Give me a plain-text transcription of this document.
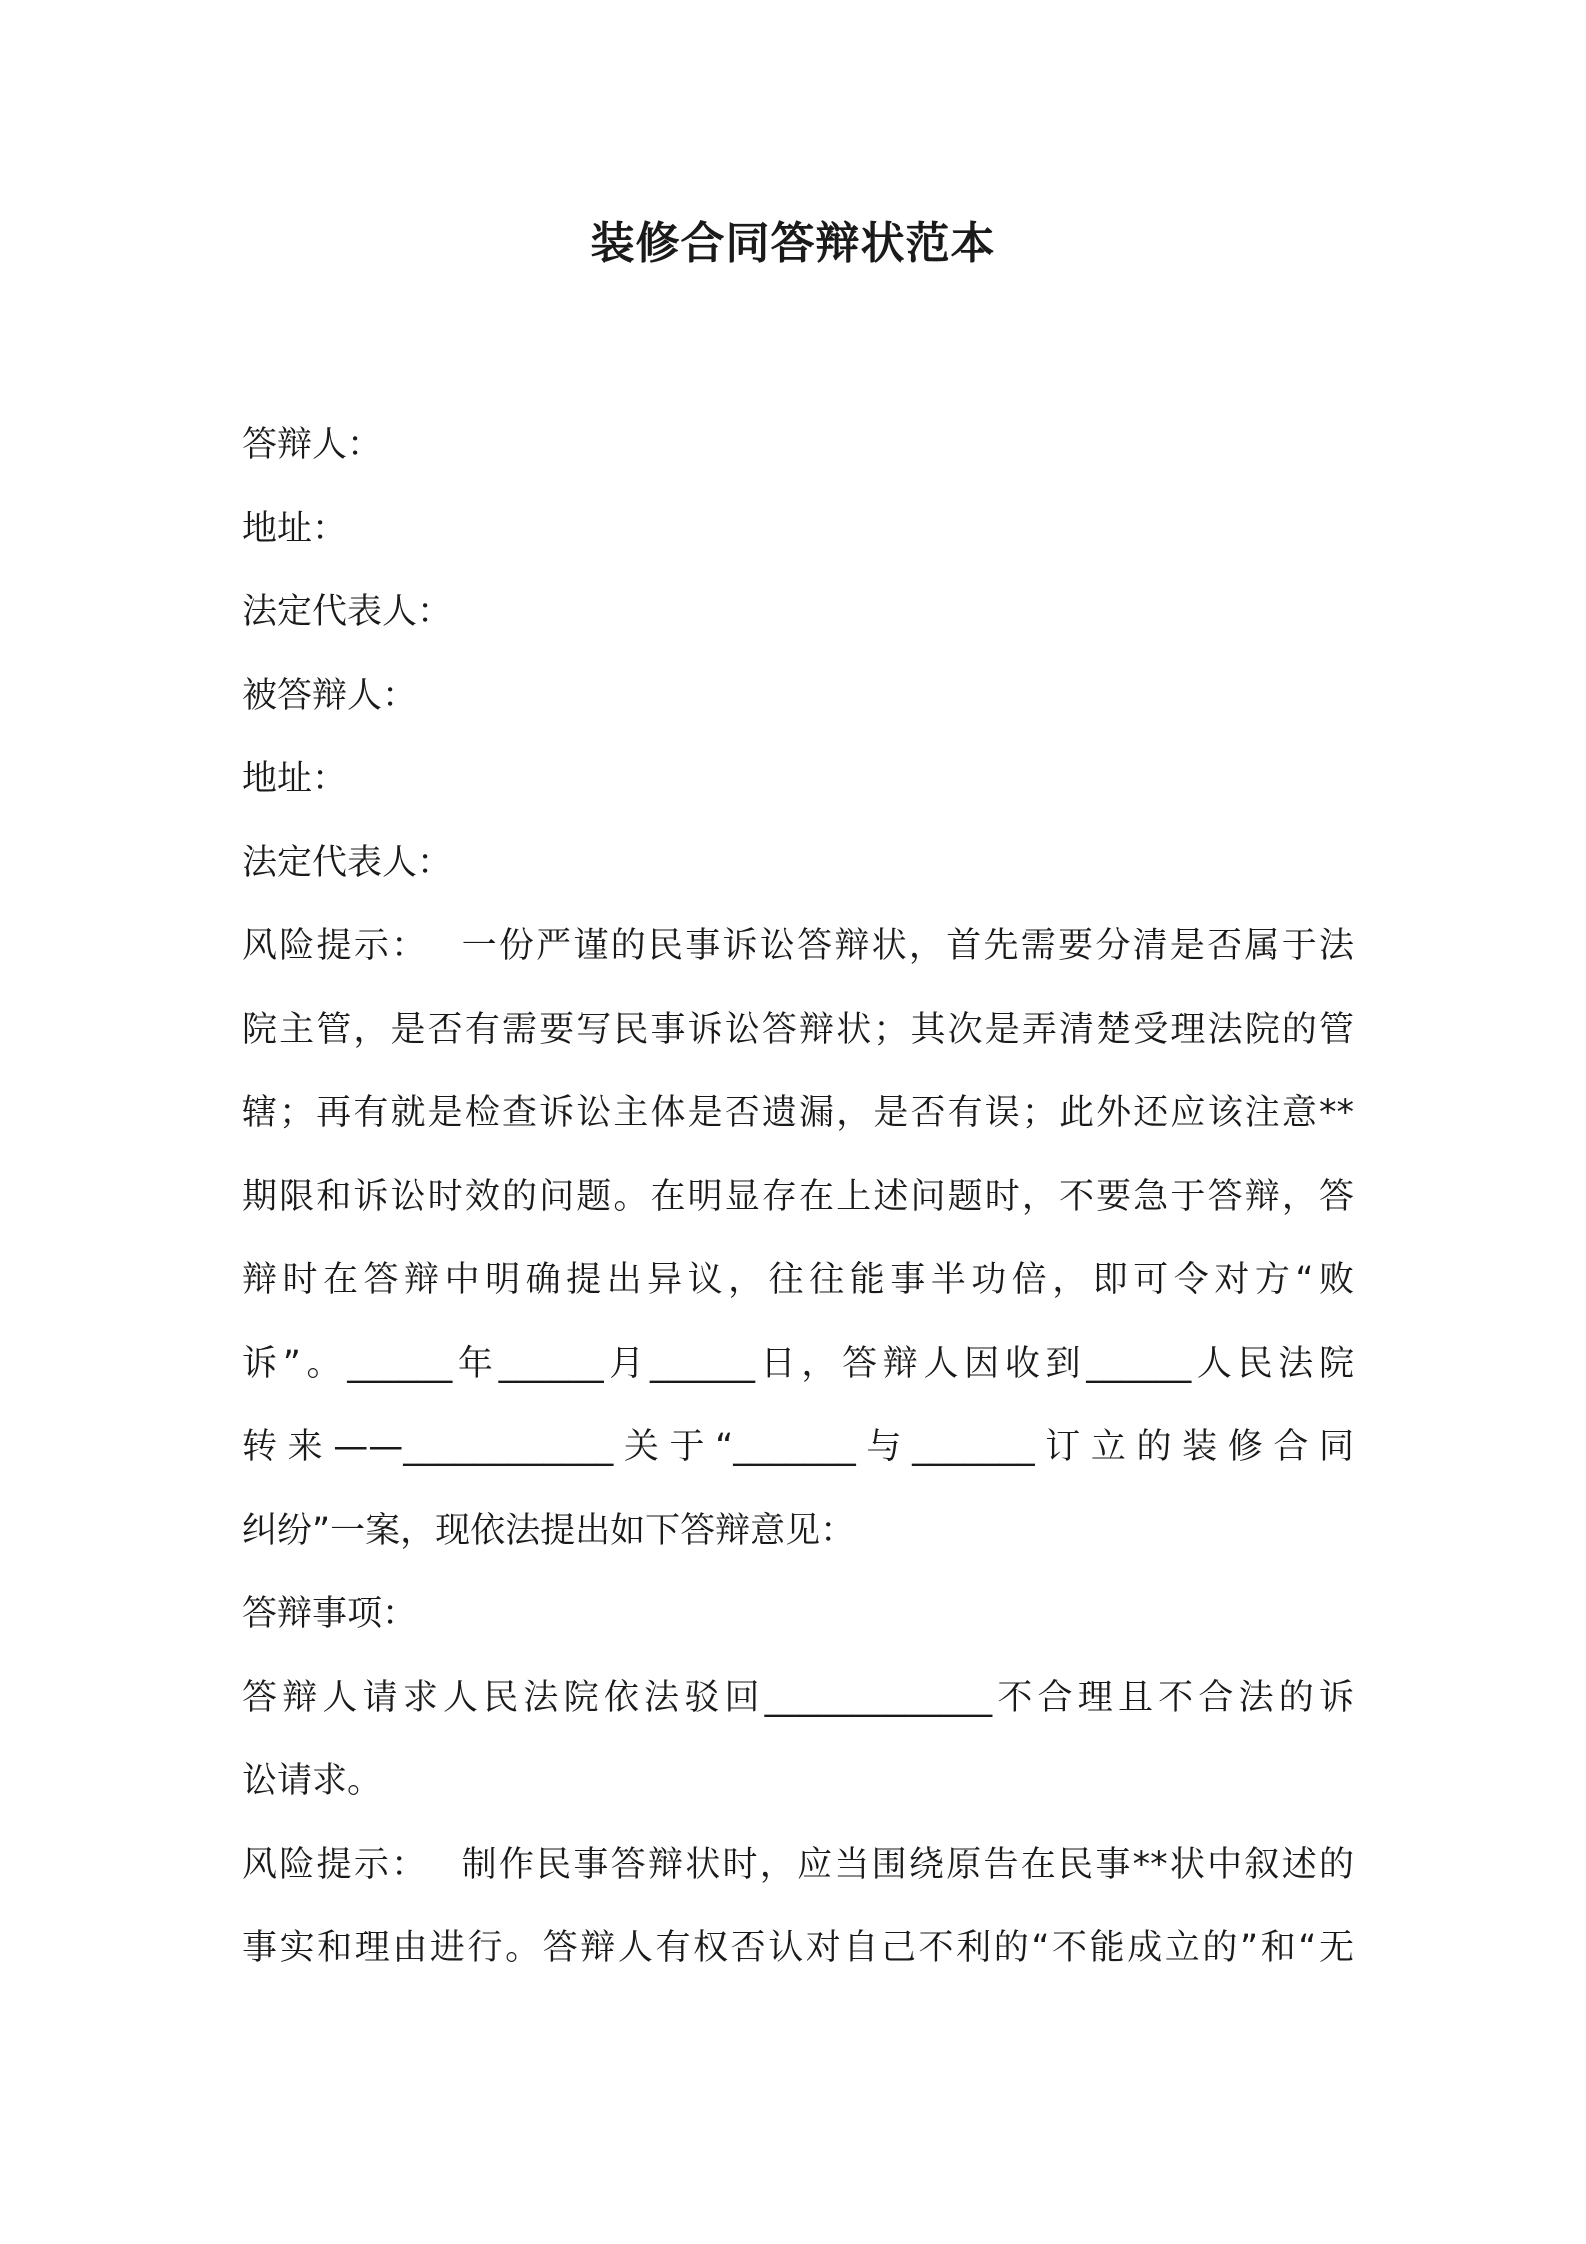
装修合同答辩状范本

答辩人：

地址：

法定代表人：

被答辩人：

地址：

法定代表人：

风险提示：　 一份严谨的民事诉讼答辩状，首先需要分清是否属于法

院主管，是否有需要写民事诉讼答辩状；其次是弄清楚受理法院的管

辖；再有就是检查诉讼主体是否遗漏，是否有误；此外还应该注意**

期限和诉讼时效的问题。在明显存在上述问题时，不要急于答辩，答

辩时在答辩中明确提出异议，往往能事半功倍，即可令对方“败

诉”。______年______月______日，答辩人因收到______人民法院

转来——____________关于“_______与_______订立的装修合同

纠纷”一案，现依法提出如下答辩意见：

答辩事项：

答辩人请求人民法院依法驳回_____________不合理且不合法的诉

讼请求。

风险提示：　 制作民事答辩状时，应当围绕原告在民事**状中叙述的

事实和理由进行。答辩人有权否认对自己不利的“不能成立的”和“无
